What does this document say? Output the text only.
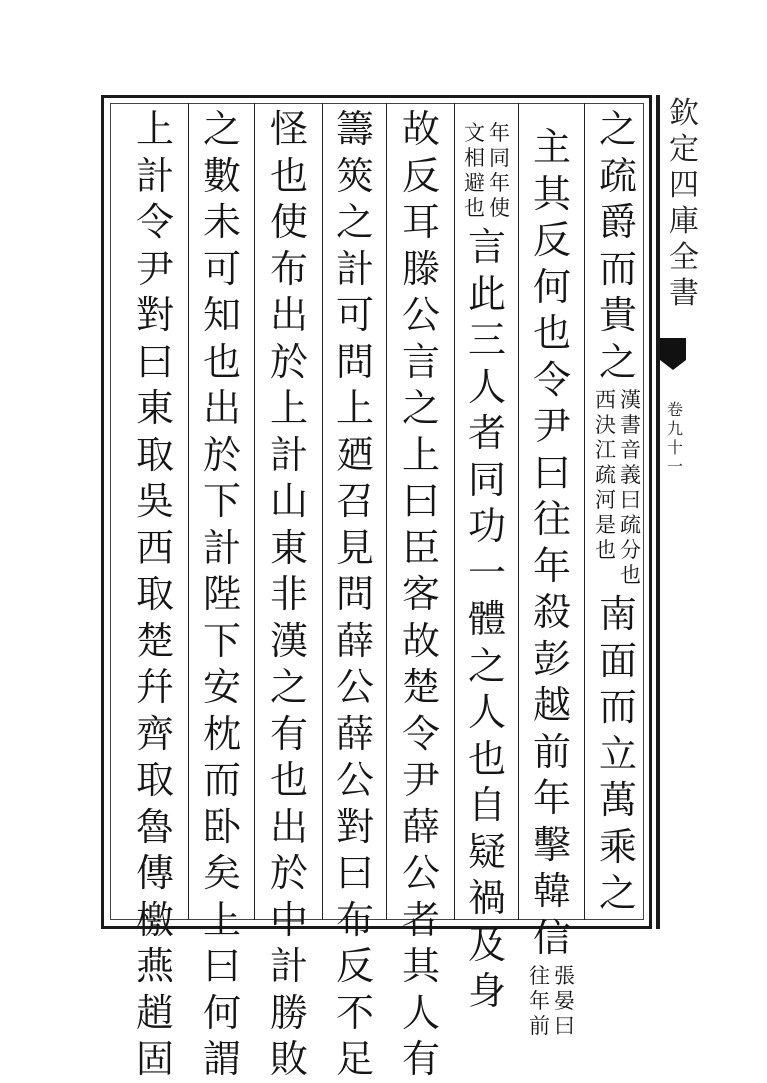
欽
定
四
庫
全
書
卷
九
十
一
之
疏
爵
而
貴
之
漢
書
音
義
曰
疏
分
也
西
決
江
疏
河
是
也
南
面
而
立
萬
乘
之
主
其
反
何
也
令
尹
曰
往
年
殺
彭
越
前
年
擊
韓
信
張
晏
曰
往
年
前
年
同
年
使
文
相
避
也
言
此
三
人
者
同
功
一
體
之
人
也
自
疑
禍
及
身
故
反
耳
滕
公
言
之
上
曰
臣
客
故
楚
令
尹
薛
公
者
其
人
有
籌
筴
之
計
可
問
上
廼
召
見
問
薛
公
薛
公
對
曰
布
反
不
足
怪
也
使
布
出
於
上
計
山
東
非
漢
之
有
也
出
於
中
計
勝
敗
之
數
未
可
知
也
出
於
下
計
陛
下
安
枕
而
卧
矣
上
曰
何
謂
上
計
令
尹
對
曰
東
取
吳
西
取
楚
幷
齊
取
魯
傳
檄
燕
趙
固
